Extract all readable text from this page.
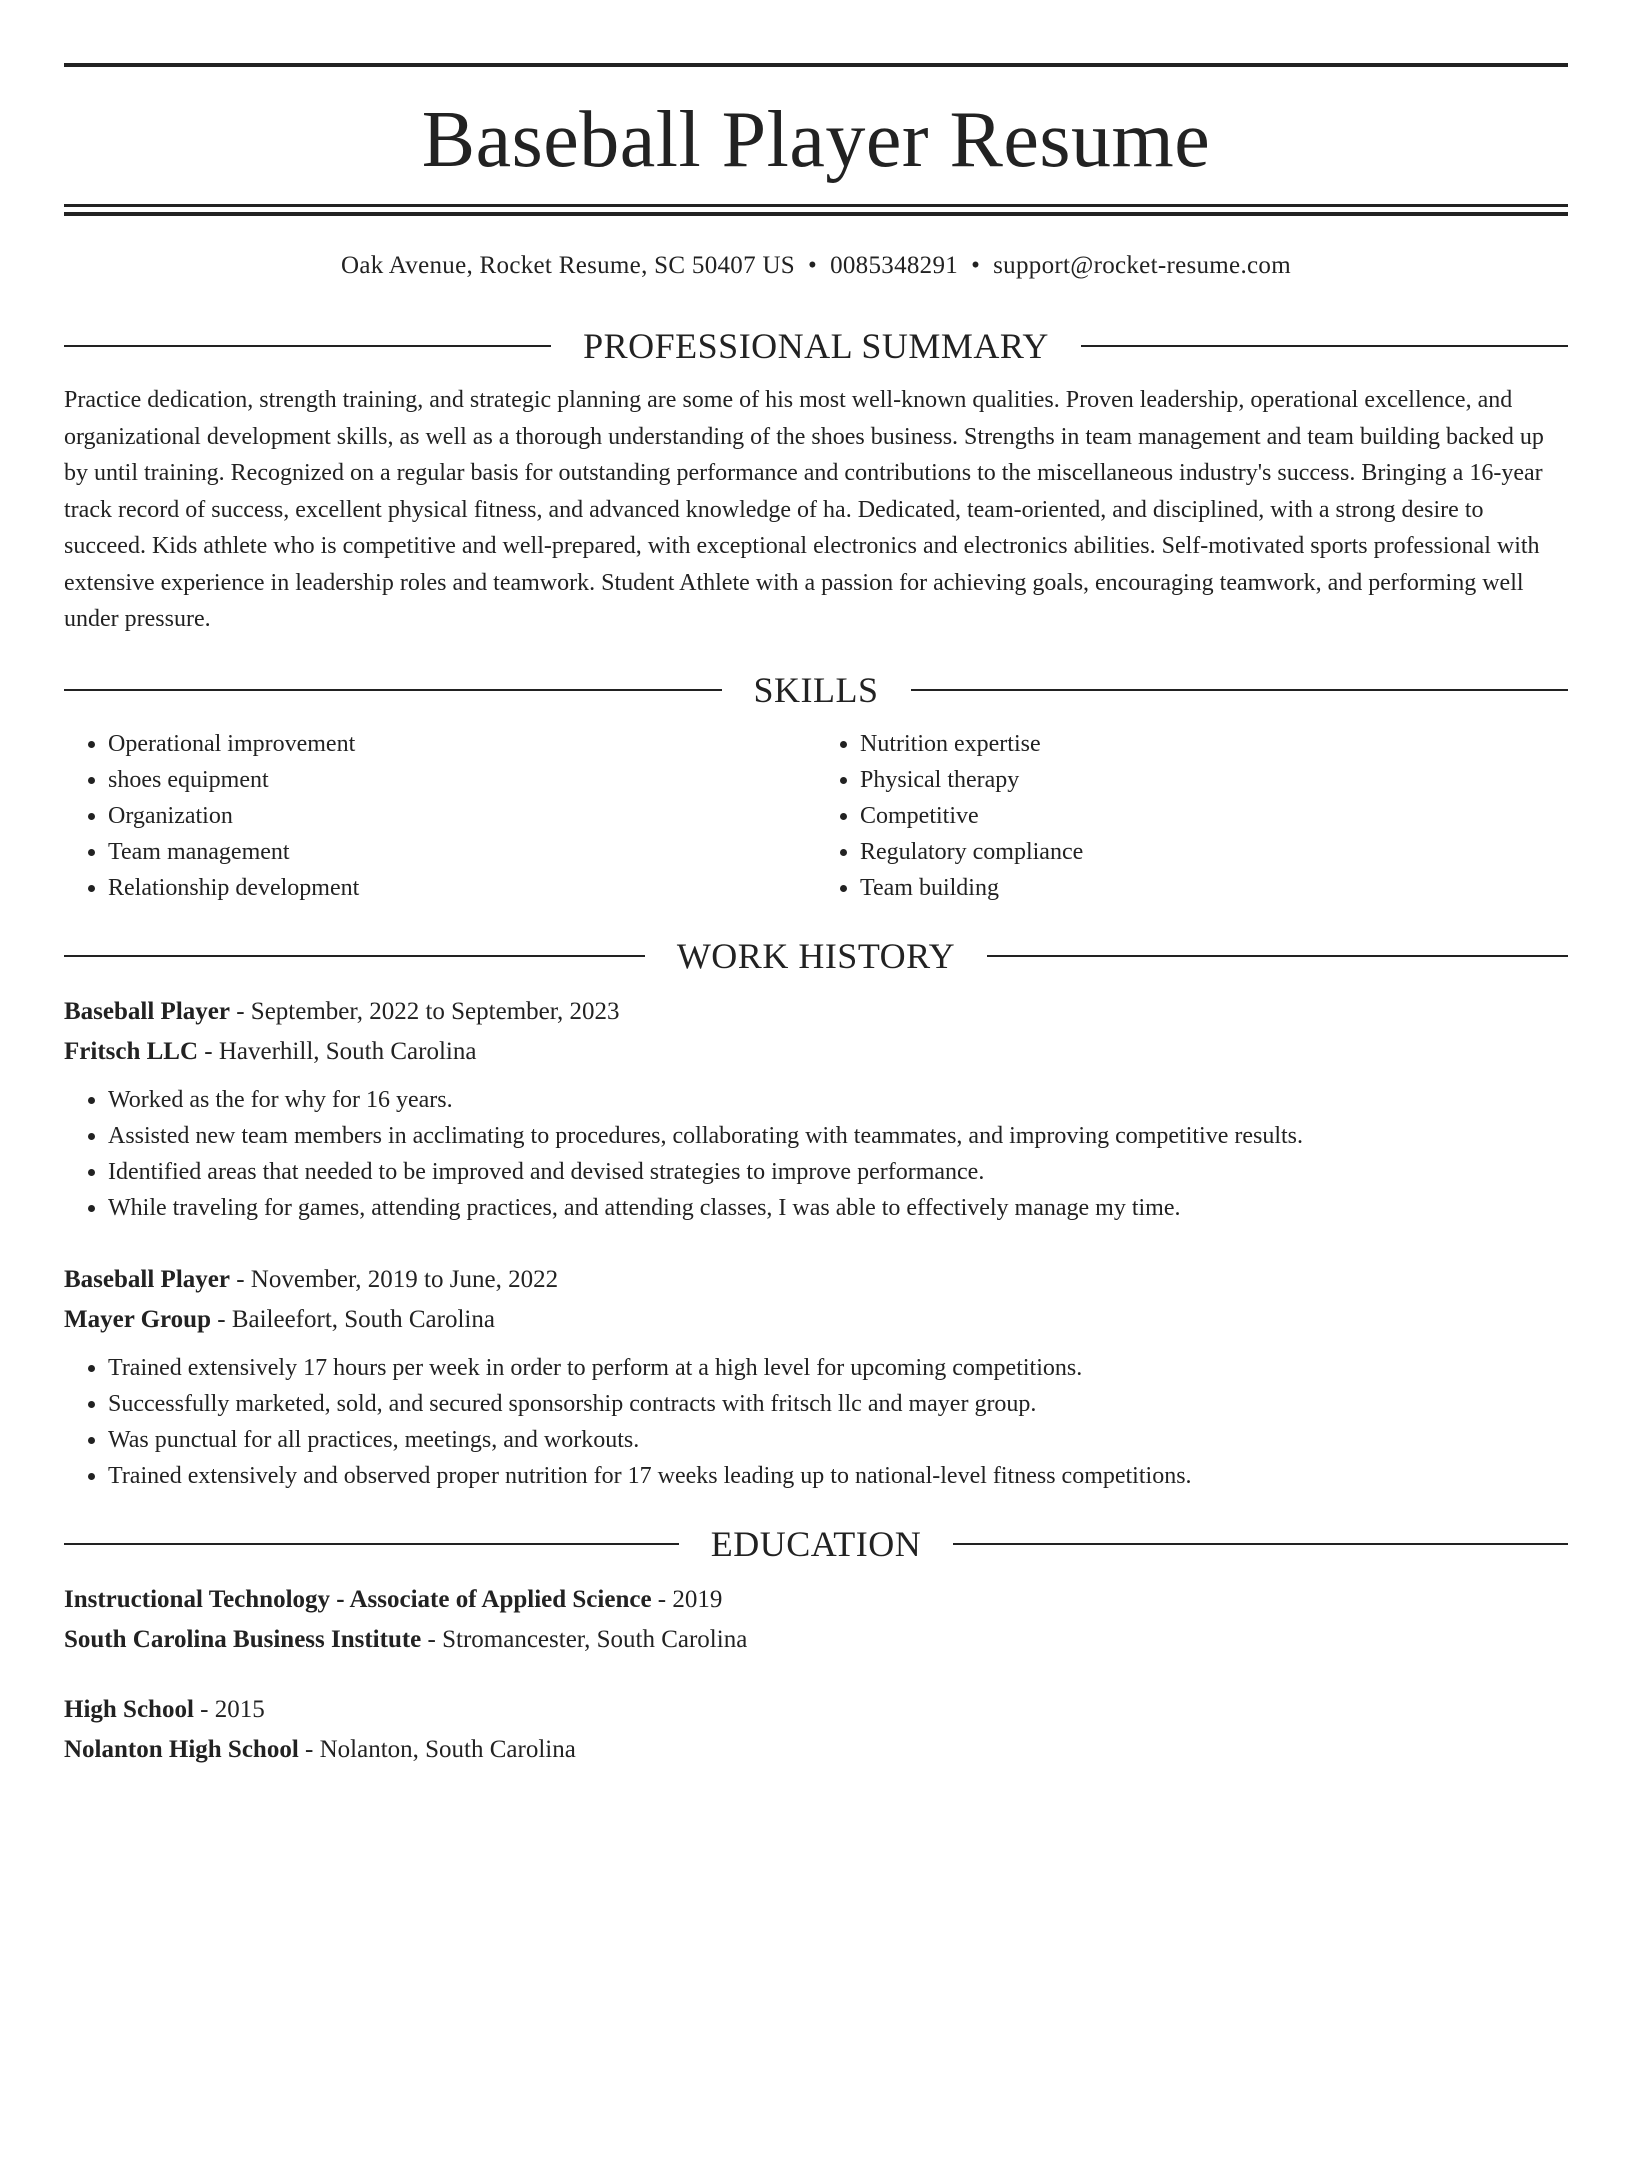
Baseball Player Resume
Oak Avenue, Rocket Resume, SC 50407 US • 0085348291 • support@rocket-resume.com
PROFESSIONAL SUMMARY

Practice dedication, strength training, and strategic planning are some of his most well-known qualities. Proven leadership, operational excellence, and organizational development skills, as well as a thorough understanding of the shoes business. Strengths in team management and team building backed up by until training. Recognized on a regular basis for outstanding performance and contributions to the miscellaneous industry's success. Bringing a 16-year track record of success, excellent physical fitness, and advanced knowledge of ha. Dedicated, team-oriented, and disciplined, with a strong desire to succeed. Kids athlete who is competitive and well-prepared, with exceptional electronics and electronics abilities. Self-motivated sports professional with extensive experience in leadership roles and teamwork. Student Athlete with a passion for achieving goals, encouraging teamwork, and performing well under pressure.

SKILLS
• Operational improvement
• shoes equipment
• Organization
• Team management
• Relationship development
• Nutrition expertise
• Physical therapy
• Competitive
• Regulatory compliance
• Team building
WORK HISTORY
Baseball Player - September, 2022 to September, 2023
Fritsch LLC - Haverhill, South Carolina
• Worked as the for why for 16 years.
• Assisted new team members in acclimating to procedures, collaborating with teammates, and improving competitive results.
• Identified areas that needed to be improved and devised strategies to improve performance.
• While traveling for games, attending practices, and attending classes, I was able to effectively manage my time.
Baseball Player - November, 2019 to June, 2022
Mayer Group - Baileefort, South Carolina
• Trained extensively 17 hours per week in order to perform at a high level for upcoming competitions.
• Successfully marketed, sold, and secured sponsorship contracts with fritsch llc and mayer group.
• Was punctual for all practices, meetings, and workouts.
• Trained extensively and observed proper nutrition for 17 weeks leading up to national-level fitness competitions.
EDUCATION
Instructional Technology - Associate of Applied Science - 2019
South Carolina Business Institute - Stromancester, South Carolina
High School - 2015
Nolanton High School - Nolanton, South Carolina
